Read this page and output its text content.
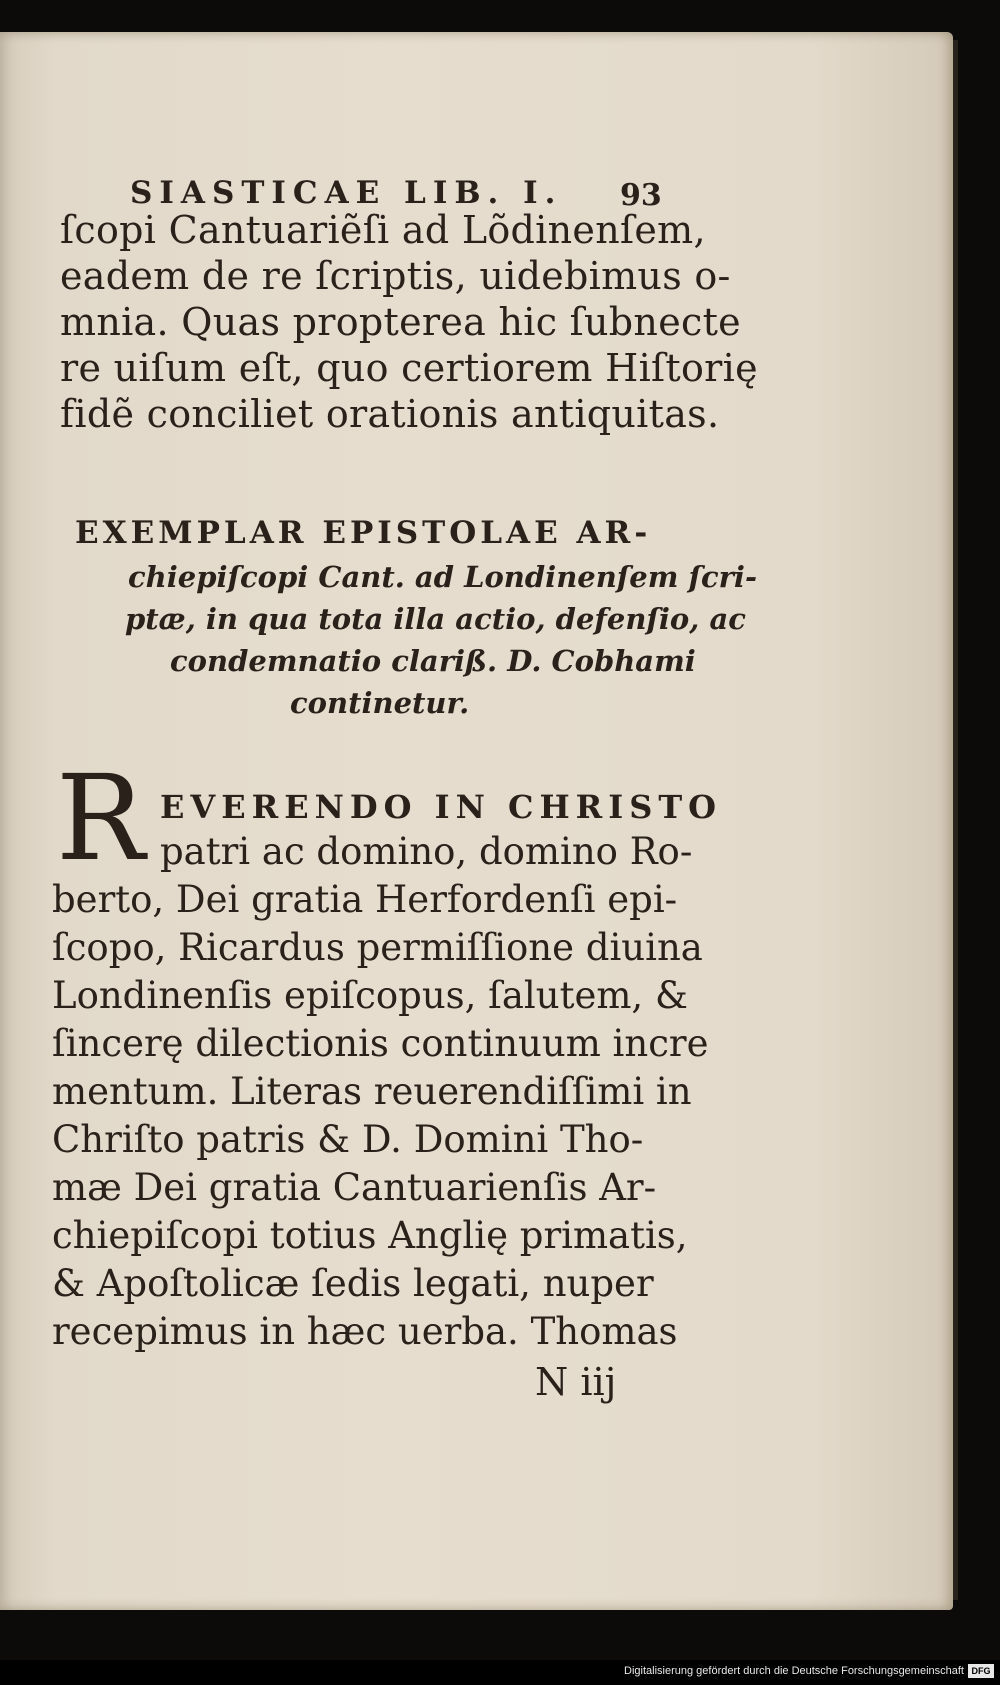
SIASTICAE LIB. I. 93
ſcopi Cantuariẽſi ad Lõdinenſem,
eadem de re ſcriptis, uidebimus o-
mnia. Quas propterea hic ſubnecte
re uiſum eſt, quo certiorem Hiſtorię
fidẽ conciliet orationis antiquitas.
EXEMPLAR EPISTOLAE AR-
chiepiſcopi Cant. ad Londinenſem ſcri-
ptæ, in qua tota illa actio, defenſio, ac
condemnatio clariß. D. Cobhami
continetur.
R EVERENDO IN CHRISTO
patri ac domino, domino Ro-
berto, Dei gratia Herfordenſi epi-
ſcopo, Ricardus permiſſione diuina
Londinenſis epiſcopus, ſalutem, &
ſincerę dilectionis continuum incre
mentum. Literas reuerendiſſimi in
Chriſto patris & D. Domini Tho-
mæ Dei gratia Cantuarienſis Ar-
chiepiſcopi totius Anglię primatis,
& Apoſtolicæ ſedis legati, nuper
recepimus in hæc uerba. Thomas
N iij
Digitalisierung gefördert durch die Deutsche Forschungsgemeinschaft DFG
